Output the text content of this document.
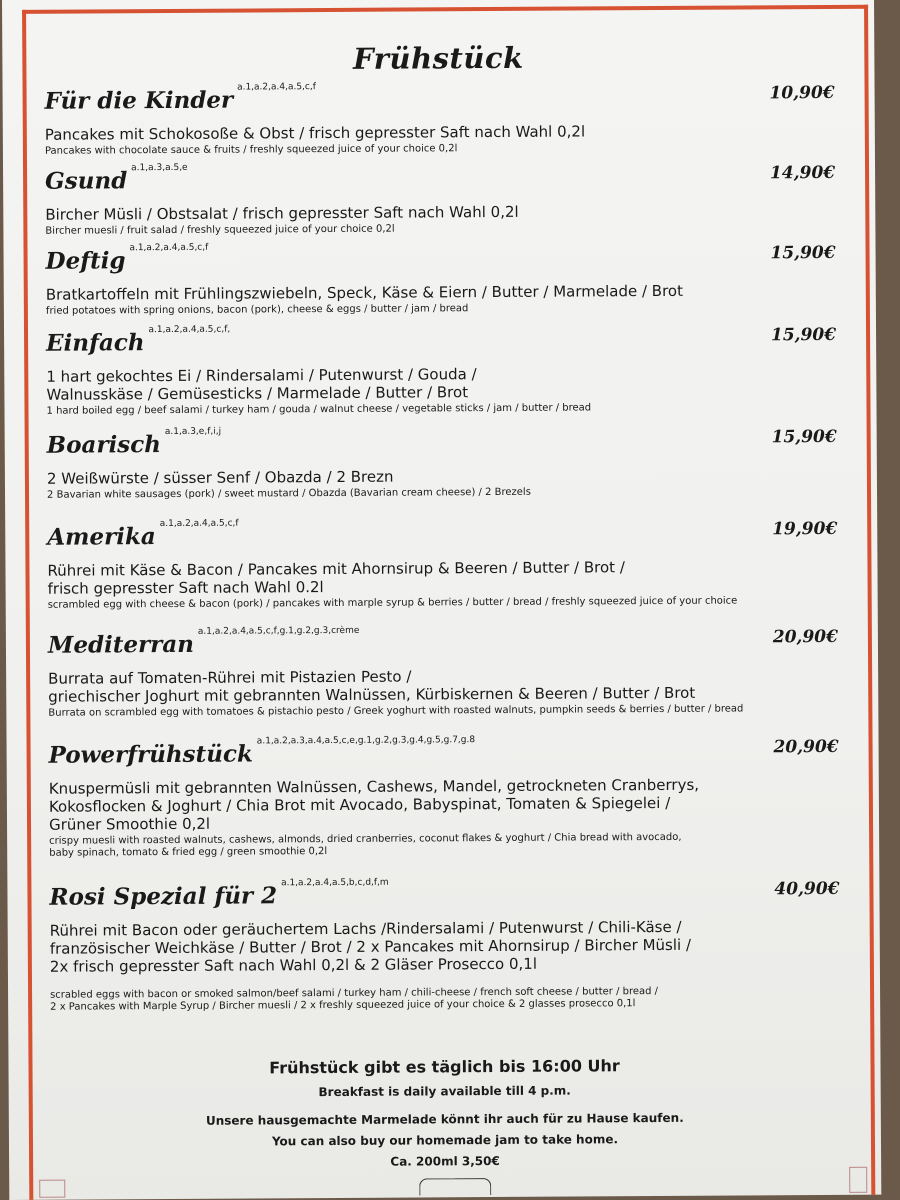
Frühstück
Für die Kinder a.1,a.2,a.4,a.5,c,f	10,90€
Pancakes mit Schokosoße & Obst / frisch gepresster Saft nach Wahl 0,2l
Pancakes with chocolate sauce & fruits / freshly squeezed juice of your choice 0,2l
Gsund a.1,a.3,a.5,e	14,90€
Bircher Müsli / Obstsalat / frisch gepresster Saft nach Wahl 0,2l
Bircher muesli / fruit salad / freshly squeezed juice of your choice 0,2l
Deftig a.1,a.2,a.4,a.5,c,f	15,90€
Bratkartoffeln mit Frühlingszwiebeln, Speck, Käse & Eiern / Butter / Marmelade / Brot
fried potatoes with spring onions, bacon (pork), cheese & eggs / butter / jam / bread
Einfach a.1,a.2,a.4,a.5,c,f,	15,90€
1 hart gekochtes Ei / Rindersalami / Putenwurst / Gouda /
Walnusskäse / Gemüsesticks / Marmelade / Butter / Brot
1 hard boiled egg / beef salami / turkey ham / gouda / walnut cheese / vegetable sticks / jam / butter / bread
Boarisch a.1,a.3,e,f,i,j	15,90€
2 Weißwürste / süsser Senf / Obazda / 2 Brezn
2 Bavarian white sausages (pork) / sweet mustard / Obazda (Bavarian cream cheese) / 2 Brezels
Amerika a.1,a.2,a.4,a.5,c,f	19,90€
Rührei mit Käse & Bacon / Pancakes mit Ahornsirup & Beeren / Butter / Brot /
frisch gepresster Saft nach Wahl 0.2l
scrambled egg with cheese & bacon (pork) / pancakes with marple syrup & berries / butter / bread / freshly squeezed juice of your choice
Mediterran a.1,a.2,a.4,a.5,c,f,g.1,g.2,g.3,crème	20,90€
Burrata auf Tomaten-Rührei mit Pistazien Pesto /
griechischer Joghurt mit gebrannten Walnüssen, Kürbiskernen & Beeren / Butter / Brot
Burrata on scrambled egg with tomatoes & pistachio pesto / Greek yoghurt with roasted walnuts, pumpkin seeds & berries / butter / bread
Powerfrühstück a.1,a.2,a.3,a.4,a.5,c,e,g.1,g.2,g.3,g.4,g.5,g.7,g.8	20,90€
Knuspermüsli mit gebrannten Walnüssen, Cashews, Mandel, getrockneten Cranberrys,
Kokosflocken & Joghurt / Chia Brot mit Avocado, Babyspinat, Tomaten & Spiegelei /
Grüner Smoothie 0,2l
crispy muesli with roasted walnuts, cashews, almonds, dried cranberries, coconut flakes & yoghurt / Chia bread with avocado,
baby spinach, tomato & fried egg / green smoothie 0,2l
Rosi Spezial für 2 a.1,a.2,a.4,a.5,b,c,d,f,m	40,90€
Rührei mit Bacon oder geräuchertem Lachs /Rindersalami / Putenwurst / Chili-Käse /
französischer Weichkäse / Butter / Brot / 2 x Pancakes mit Ahornsirup / Bircher Müsli /
2x frisch gepresster Saft nach Wahl 0,2l & 2 Gläser Prosecco 0,1l
scrabled eggs with bacon or smoked salmon/beef salami / turkey ham / chili-cheese / french soft cheese / butter / bread /
2 x Pancakes with Marple Syrup / Bircher muesli / 2 x freshly squeezed juice of your choice & 2 glasses prosecco 0,1l
Frühstück gibt es täglich bis 16:00 Uhr
Breakfast is daily available till 4 p.m.
Unsere hausgemachte Marmelade könnt ihr auch für zu Hause kaufen.
You can also buy our homemade jam to take home.
Ca. 200ml 3,50€
